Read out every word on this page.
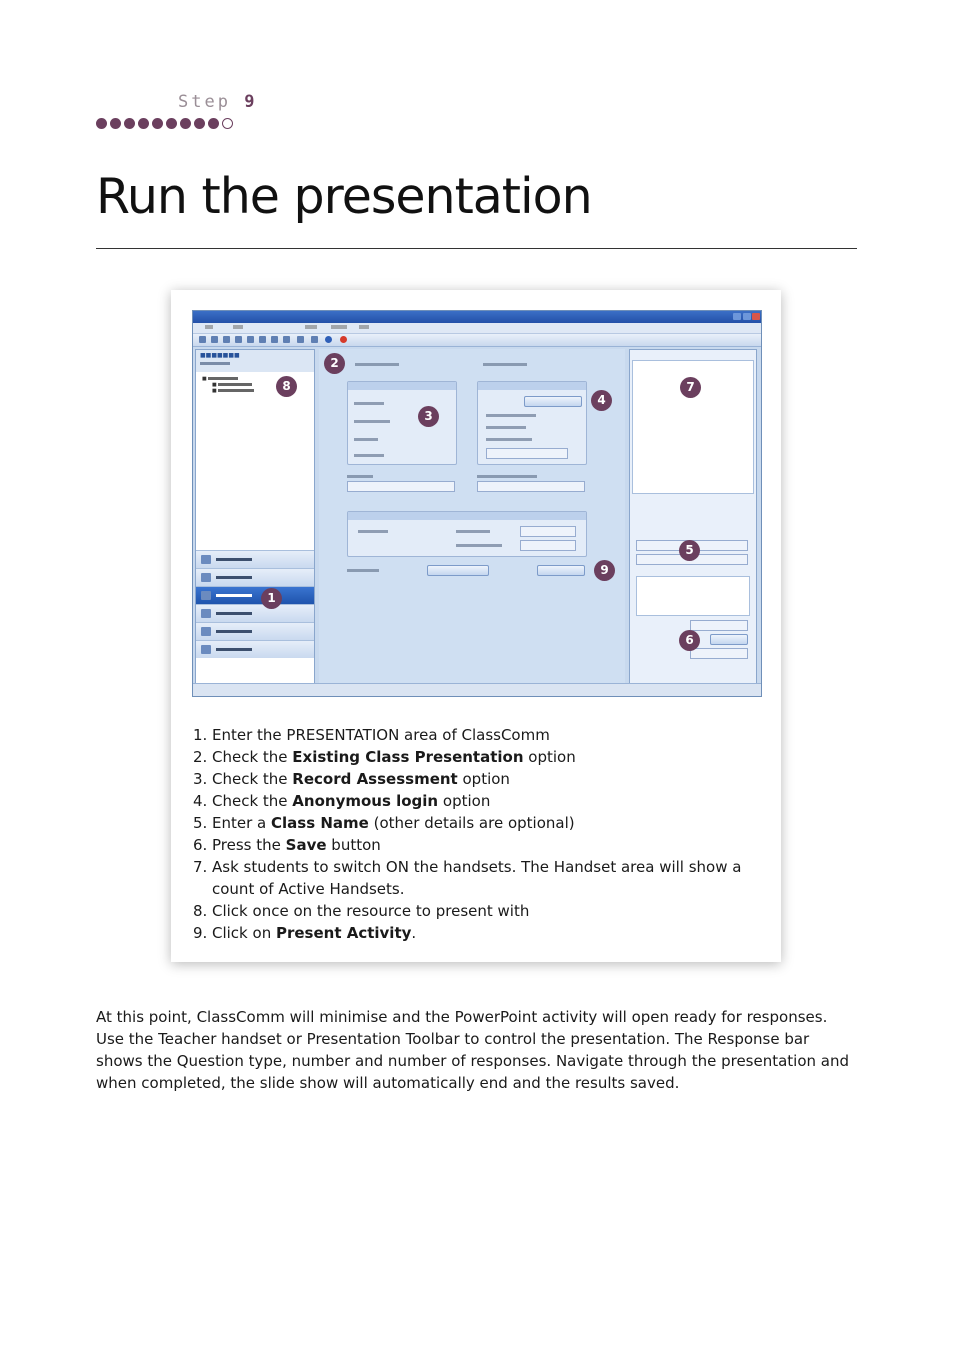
Step 9
Run the presentation
■■■■■■■
■
■
■
1
2
3
4
5
6
7
8
9
1. Enter the PRESENTATION area of ClassComm
2. Check the Existing Class Presentation option
3. Check the Record Assessment option
4. Check the Anonymous login option
5. Enter a Class Name (other details are optional)
6. Press the Save button
7. Ask students to switch ON the handsets. The Handset area will show a count of Active Handsets.
8. Click once on the resource to present with
9. Click on Present Activity.

At this point, ClassComm will minimise and the PowerPoint activity will open ready for responses. Use the Teacher handset or Presentation Toolbar to control the presentation. The Response bar shows the Question type, number and number of responses. Navigate through the presentation and when completed, the slide show will automatically end and the results saved.
